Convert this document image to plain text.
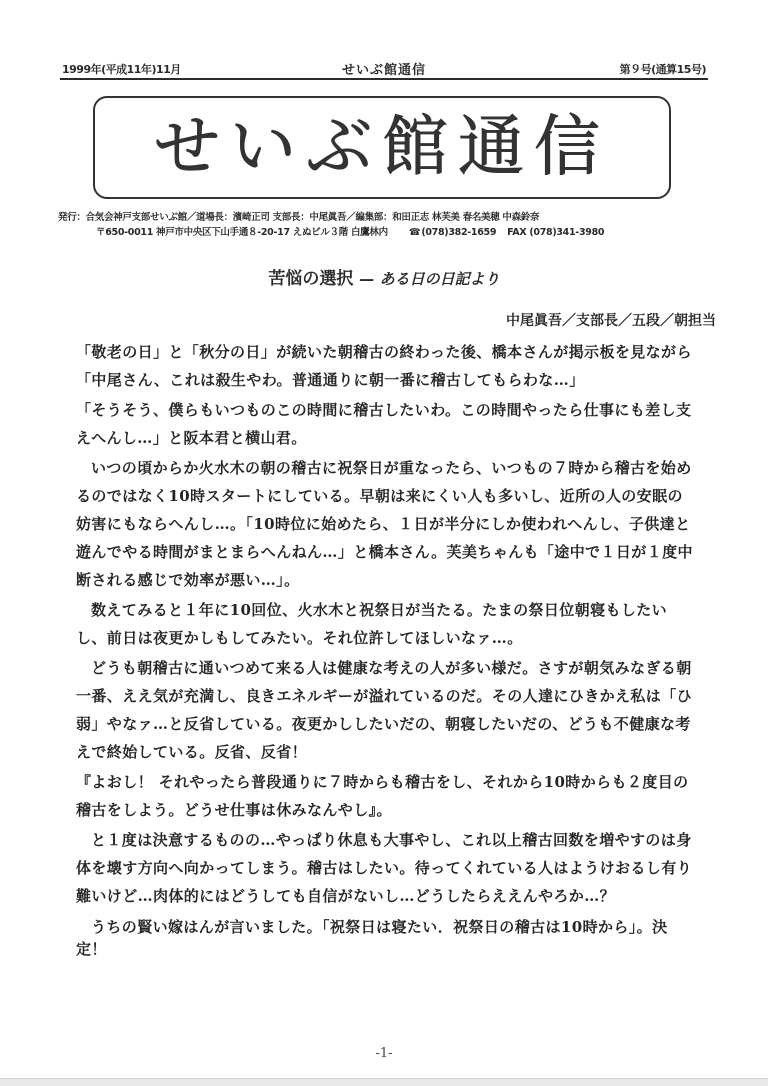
1999年(平成11年)11月	せいぶ館通信	第９号(通算15号)
せいぶ館通信
発行：合気会神戸支部せいぶ館／道場長：濱崎正司 支部長：中尾眞吾／編集部：和田正志 林芙美 春名美穂 中森鈴奈
〒650-0011 神戸市中央区下山手通８-20-17 えぬビル３階 白鷹林内 ☎(078)382-1659 FAX (078)341-3980
苦悩の選択 — ある日の日記より
中尾眞吾／支部長／五段／朝担当

「敬老の日」と「秋分の日」が続いた朝稽古の終わった後、橋本さんが掲示板を見ながら「中尾さん、これは殺生やわ。普通通りに朝一番に稽古してもらわな…」

「そうそう、僕らもいつものこの時間に稽古したいわ。この時間やったら仕事にも差し支えへんし…」と阪本君と横山君。

いつの頃からか火水木の朝の稽古に祝祭日が重なったら、いつもの７時から稽古を始めるのではなく10時スタートにしている。早朝は来にくい人も多いし、近所の人の安眠の妨害にもならへんし…。「10時位に始めたら、１日が半分にしか使われへんし、子供達と遊んでやる時間がまとまらへんねん…」と橋本さん。芙美ちゃんも「途中で１日が１度中断される感じで効率が悪い…」。

数えてみると１年に10回位、火水木と祝祭日が当たる。たまの祭日位朝寝もしたいし、前日は夜更かしもしてみたい。それ位許してほしいなァ…。

どうも朝稽古に通いつめて来る人は健康な考えの人が多い様だ。さすが朝気みなぎる朝一番、ええ気が充満し、良きエネルギーが溢れているのだ。その人達にひきかえ私は「ひ弱」やなァ…と反省している。夜更かししたいだの、朝寝したいだの、どうも不健康な考えで終始している。反省、反省！

『よおし！ それやったら普段通りに７時からも稽古をし、それから10時からも２度目の稽古をしよう。どうせ仕事は休みなんやし』。

と１度は決意するものの…やっぱり休息も大事やし、これ以上稽古回数を増やすのは身体を壊す方向へ向かってしまう。稽古はしたい。待ってくれている人はようけおるし有り難いけど…肉体的にはどうしても自信がないし…どうしたらええんやろか…？

うちの賢い嫁はんが言いました。「祝祭日は寝たい．祝祭日の稽古は10時から」。決定！

-1-
